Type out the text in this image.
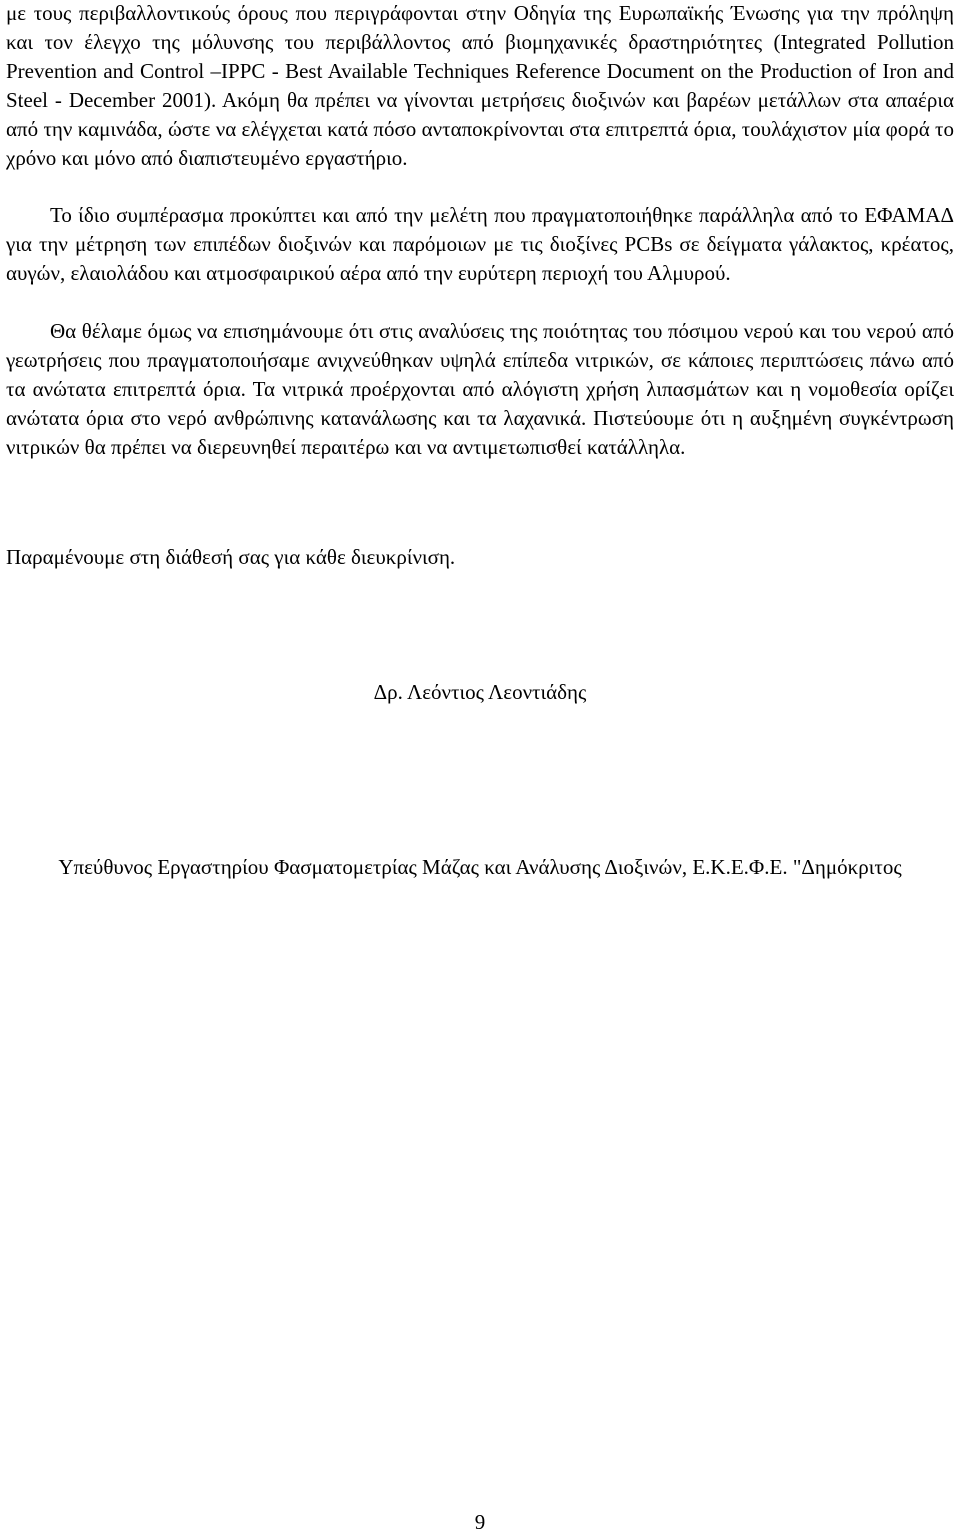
με τους περιβαλλοντικούς όρους που περιγράφονται στην Οδηγία της Ευρωπαϊκής Ένωσης για την πρόληψη και τον έλεγχο της μόλυνσης του περιβάλλοντος από βιομηχανικές δραστηριότητες (Integrated Pollution Prevention and Control –IPPC - Best Available Techniques Reference Document on the Production of Iron and Steel - December 2001). Ακόμη θα πρέπει να γίνονται μετρήσεις διοξινών και βαρέων μετάλλων στα απαέρια από την καμινάδα, ώστε να ελέγχεται κατά πόσο ανταποκρίνονται στα επιτρεπτά όρια, τουλάχιστον μία φορά το χρόνο και μόνο από διαπιστευμένο εργαστήριο.

Το ίδιο συμπέρασμα προκύπτει και από την μελέτη που πραγματοποιήθηκε παράλληλα από το ΕΦΑΜΑΔ για την μέτρηση των επιπέδων διοξινών και παρόμοιων με τις διοξίνες PCBs σε δείγματα γάλακτος, κρέατος, αυγών, ελαιολάδου και ατμοσφαιρικού αέρα από την ευρύτερη περιοχή του Αλμυρού.

Θα θέλαμε όμως να επισημάνουμε ότι στις αναλύσεις της ποιότητας του πόσιμου νερού και του νερού από γεωτρήσεις που πραγματοποιήσαμε ανιχνεύθηκαν υψηλά επίπεδα νιτρικών, σε κάποιες περιπτώσεις πάνω από τα ανώτατα επιτρεπτά όρια. Τα νιτρικά προέρχονται από αλόγιστη χρήση λιπασμάτων και η νομοθεσία ορίζει ανώτατα όρια στο νερό ανθρώπινης κατανάλωσης και τα λαχανικά. Πιστεύουμε ότι η αυξημένη συγκέντρωση νιτρικών θα πρέπει να διερευνηθεί περαιτέρω και να αντιμετωπισθεί κατάλληλα.

Παραμένουμε στη διάθεσή σας για κάθε διευκρίνιση.

Δρ. Λεόντιος Λεοντιάδης

Υπεύθυνος Εργαστηρίου Φασματομετρίας Μάζας και Ανάλυσης Διοξινών, Ε.Κ.Ε.Φ.Ε. "Δημόκριτος

9
